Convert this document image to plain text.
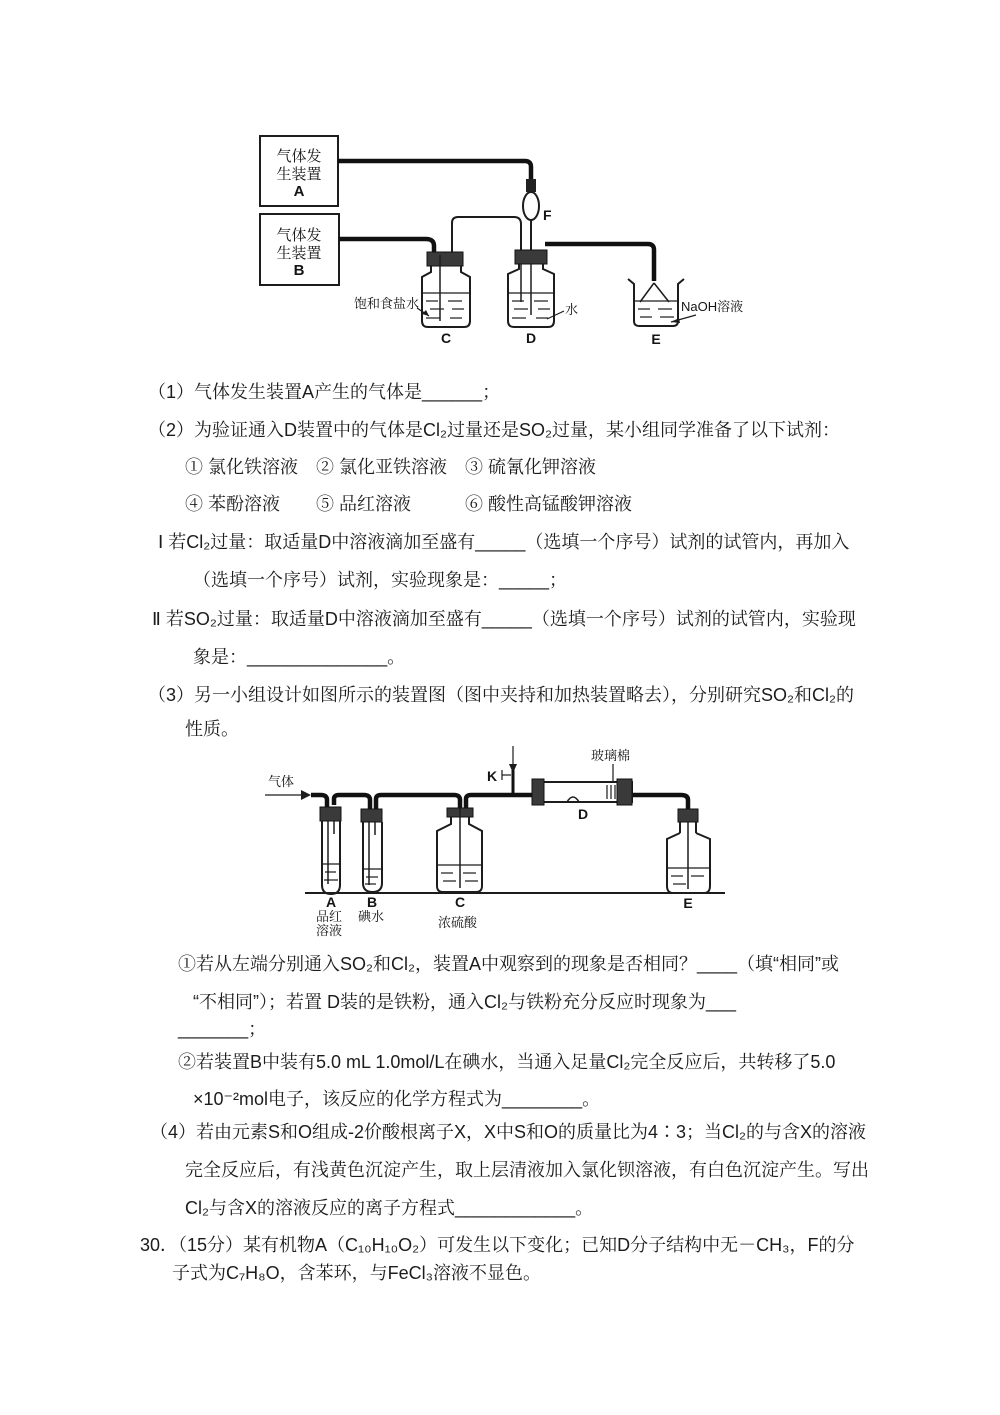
气体发
生装置
A
气体发
生装置
B
F
C	D	E
饱和食盐水	水	NaOH溶液
（1）气体发生装置A产生的气体是______；
（2）为验证通入D装置中的气体是Cl₂过量还是SO₂过量，某小组同学准备了以下试剂：
① 氯化铁溶液　② 氯化亚铁溶液　③ 硫氰化钾溶液
④ 苯酚溶液　　⑤ 品红溶液　　　⑥ 酸性高锰酸钾溶液
Ⅰ 若Cl₂过量：取适量D中溶液滴加至盛有_____（选填一个序号）试剂的试管内，再加入
（选填一个序号）试剂，实验现象是：_____；
Ⅱ 若SO₂过量：取适量D中溶液滴加至盛有_____（选填一个序号）试剂的试管内，实验现
象是：______________。
（3）另一小组设计如图所示的装置图（图中夹持和加热装置略去），分别研究SO₂和Cl₂的
性质。
气体	K
A
品红
溶液
B
碘水
C
浓硫酸
D
玻璃棉
E
①若从左端分别通入SO₂和Cl₂，装置A中观察到的现象是否相同？____（填“相同”或
“不相同”）；若置 D装的是铁粉，通入Cl₂与铁粉充分反应时现象为___
_______；
②若装置B中装有5.0 mL 1.0mol/L在碘水，当通入足量Cl₂完全反应后，共转移了5.0
×10⁻²mol电子，该反应的化学方程式为________。
（4）若由元素S和O组成-2价酸根离子X，X中S和O的质量比为4∶3；当Cl₂的与含X的溶液
完全反应后，有浅黄色沉淀产生，取上层清液加入氯化钡溶液，有白色沉淀产生。写出
Cl₂与含X的溶液反应的离子方程式____________。
30．（15分）某有机物A（C₁₀H₁₀O₂）可发生以下变化；已知D分子结构中无－CH₃，F的分
子式为C₇H₈O，含苯环，与FeCl₃溶液不显色。
